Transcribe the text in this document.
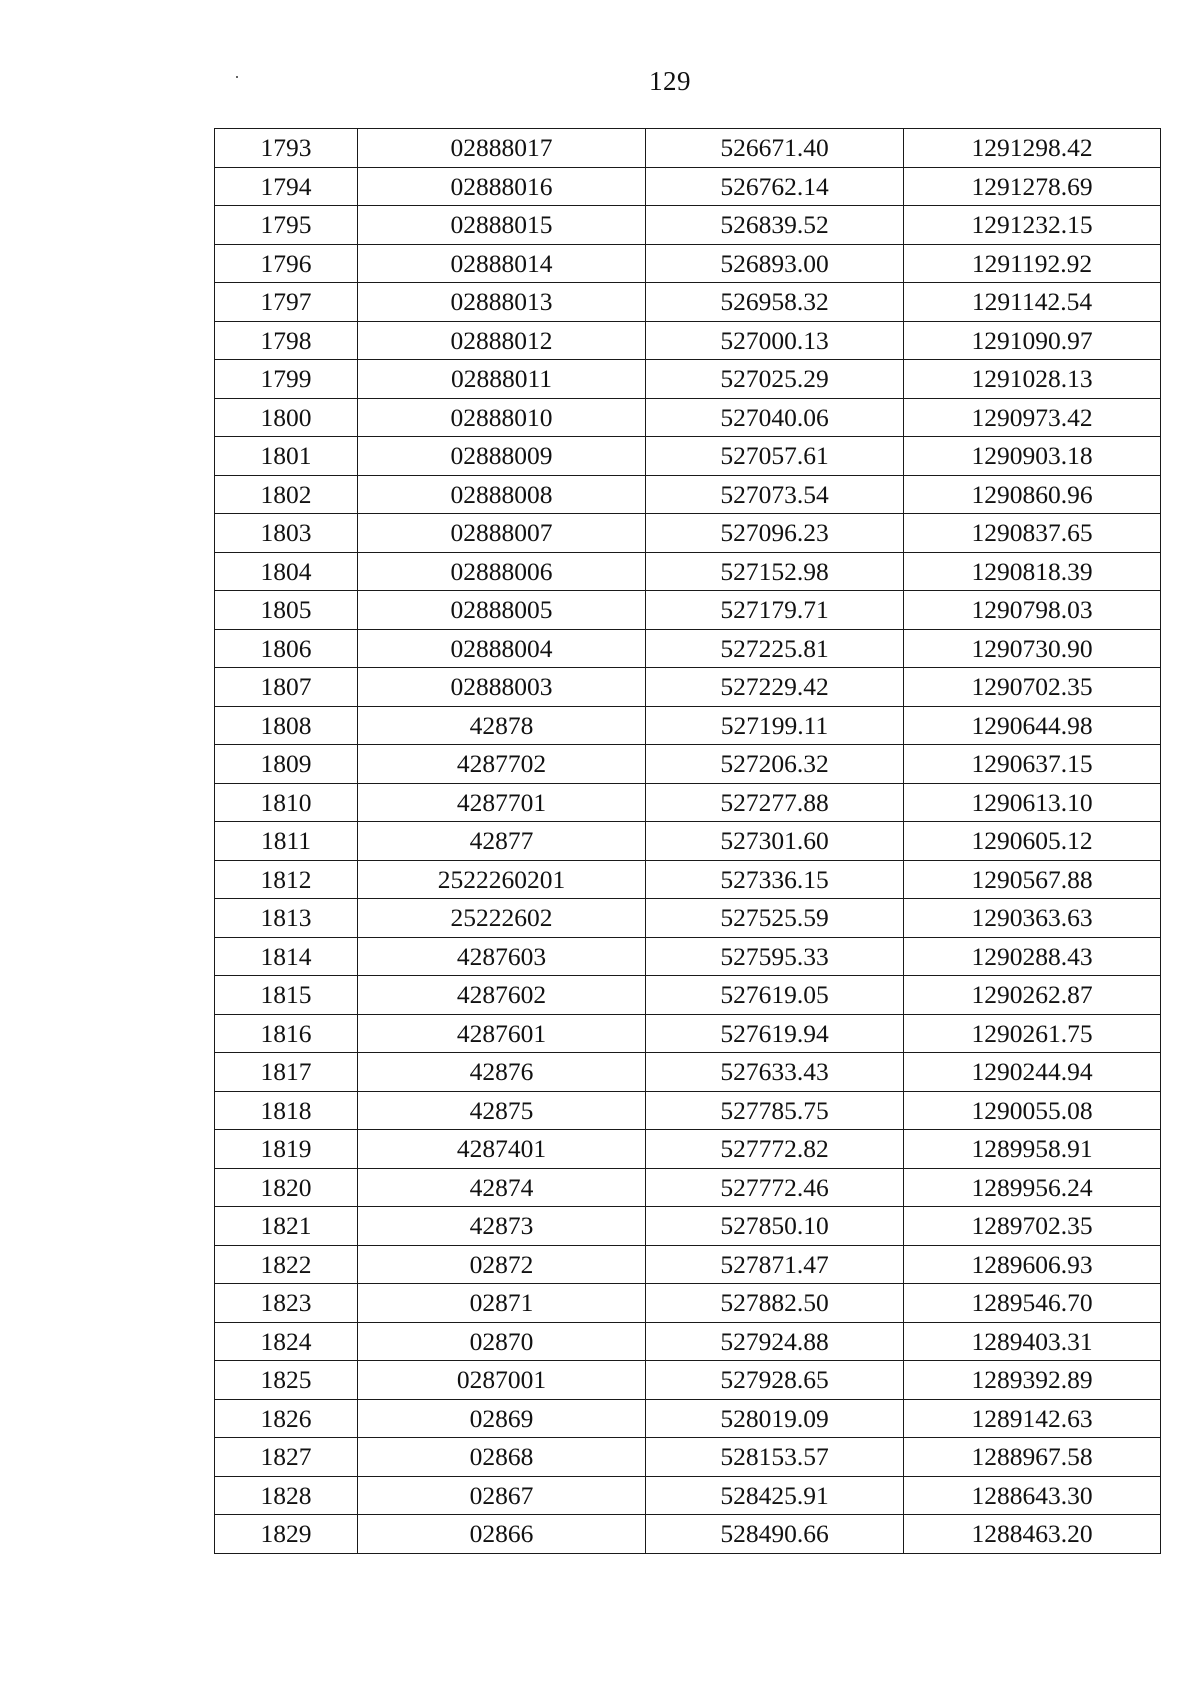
129
1793	02888017	526671.40	1291298.42
1794	02888016	526762.14	1291278.69
1795	02888015	526839.52	1291232.15
1796	02888014	526893.00	1291192.92
1797	02888013	526958.32	1291142.54
1798	02888012	527000.13	1291090.97
1799	02888011	527025.29	1291028.13
1800	02888010	527040.06	1290973.42
1801	02888009	527057.61	1290903.18
1802	02888008	527073.54	1290860.96
1803	02888007	527096.23	1290837.65
1804	02888006	527152.98	1290818.39
1805	02888005	527179.71	1290798.03
1806	02888004	527225.81	1290730.90
1807	02888003	527229.42	1290702.35
1808	42878	527199.11	1290644.98
1809	4287702	527206.32	1290637.15
1810	4287701	527277.88	1290613.10
1811	42877	527301.60	1290605.12
1812	2522260201	527336.15	1290567.88
1813	25222602	527525.59	1290363.63
1814	4287603	527595.33	1290288.43
1815	4287602	527619.05	1290262.87
1816	4287601	527619.94	1290261.75
1817	42876	527633.43	1290244.94
1818	42875	527785.75	1290055.08
1819	4287401	527772.82	1289958.91
1820	42874	527772.46	1289956.24
1821	42873	527850.10	1289702.35
1822	02872	527871.47	1289606.93
1823	02871	527882.50	1289546.70
1824	02870	527924.88	1289403.31
1825	0287001	527928.65	1289392.89
1826	02869	528019.09	1289142.63
1827	02868	528153.57	1288967.58
1828	02867	528425.91	1288643.30
1829	02866	528490.66	1288463.20
